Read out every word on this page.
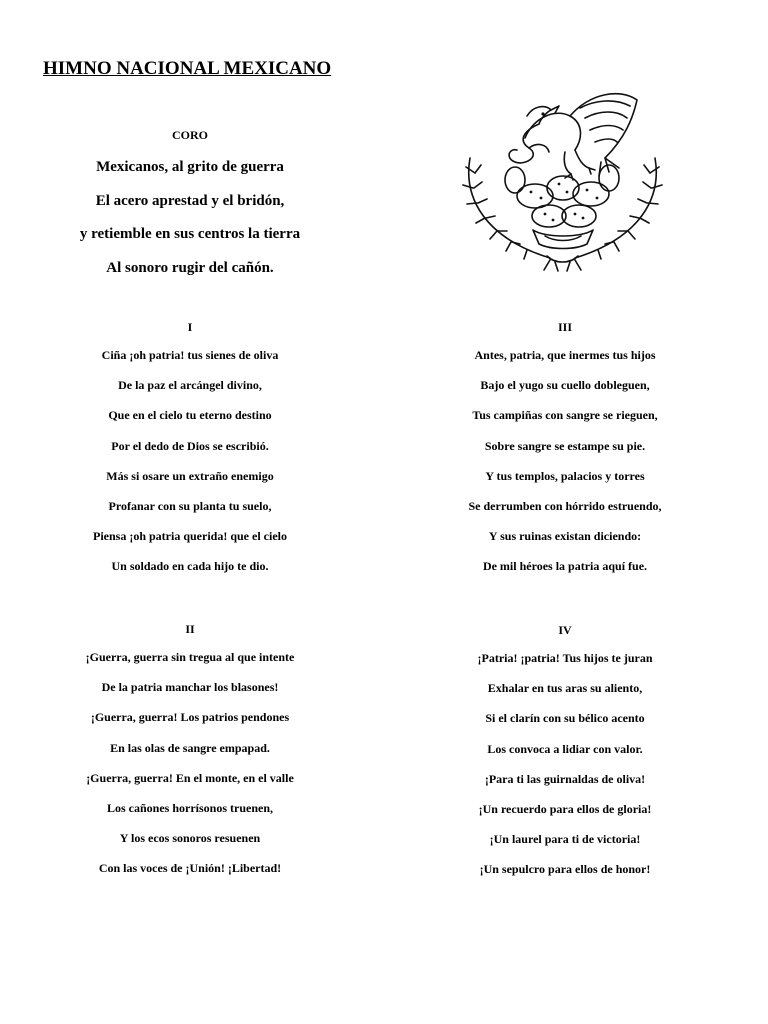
HIMNO NACIONAL MEXICANO
CORO
Mexicanos, al grito de guerra
El acero aprestad y el bridón,
y retiemble en sus centros la tierra
Al sonoro rugir del cañón.
I
Ciña ¡oh patria! tus sienes de oliva
De la paz el arcángel divino,
Que en el cielo tu eterno destino
Por el dedo de Dios se escribió.
Más si osare un extraño enemigo
Profanar con su planta tu suelo,
Piensa ¡oh patria querida! que el cielo
Un soldado en cada hijo te dio.
III
Antes, patria, que inermes tus hijos
Bajo el yugo su cuello dobleguen,
Tus campiñas con sangre se rieguen,
Sobre sangre se estampe su pie.
Y tus templos, palacios y torres
Se derrumben con hórrido estruendo,
Y sus ruinas existan diciendo:
De mil héroes la patria aquí fue.
II
¡Guerra, guerra sin tregua al que intente
De la patria manchar los blasones!
¡Guerra, guerra! Los patrios pendones
En las olas de sangre empapad.
¡Guerra, guerra! En el monte, en el valle
Los cañones horrísonos truenen,
Y los ecos sonoros resuenen
Con las voces de ¡Unión! ¡Libertad!
IV
¡Patria! ¡patria! Tus hijos te juran
Exhalar en tus aras su aliento,
Si el clarín con su bélico acento
Los convoca a lidiar con valor.
¡Para ti las guirnaldas de oliva!
¡Un recuerdo para ellos de gloria!
¡Un laurel para ti de victoria!
¡Un sepulcro para ellos de honor!
